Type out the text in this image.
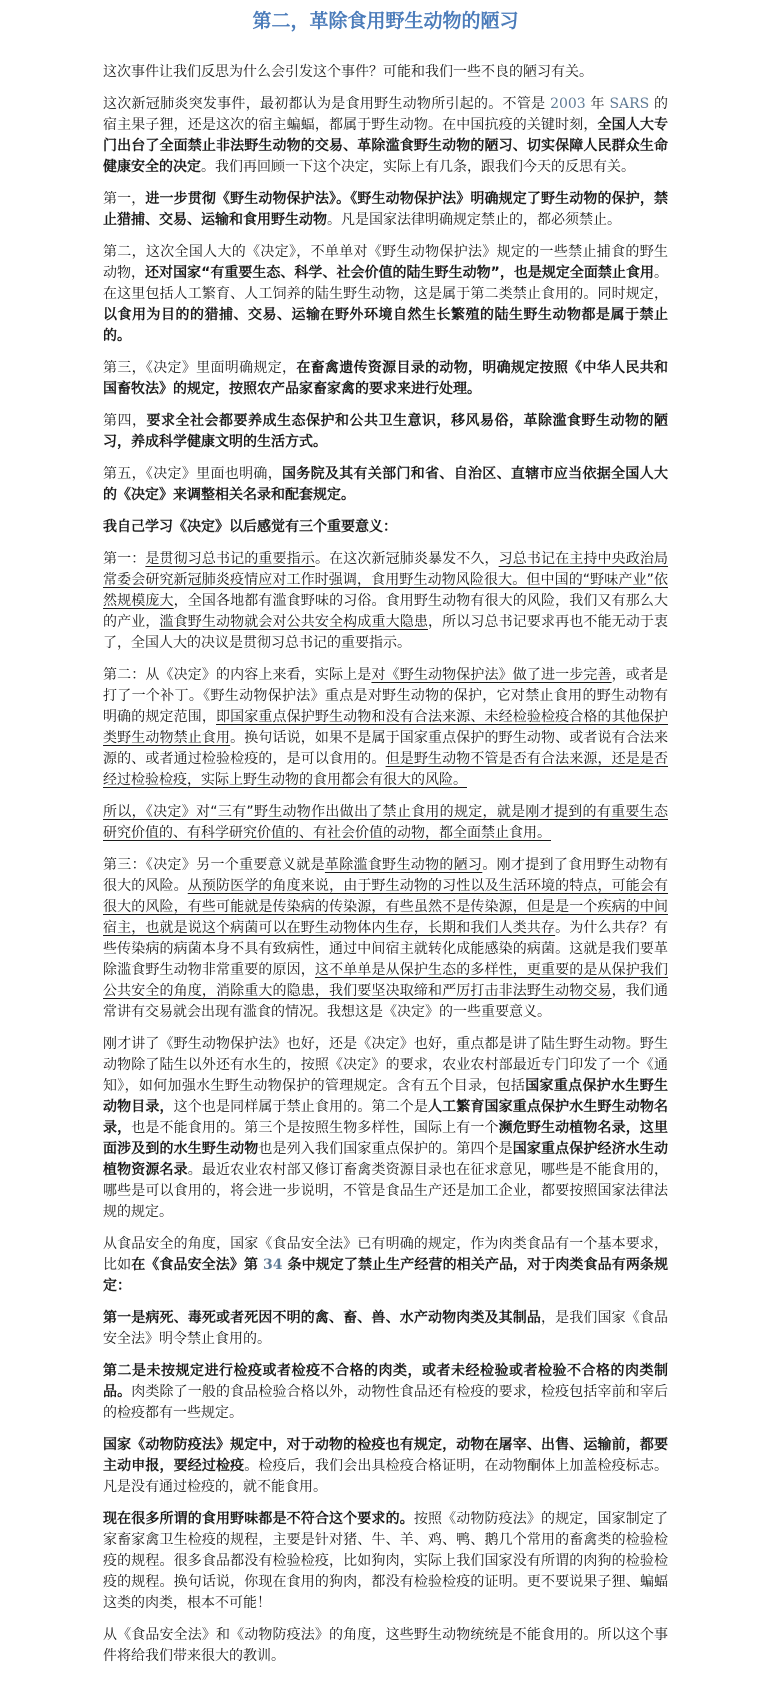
第二，革除食用野生动物的陋习

这次事件让我们反思为什么会引发这个事件？可能和我们一些不良的陋习有关。

这次新冠肺炎突发事件，最初都认为是食用野生动物所引起的。不管是 2003 年 SARS 的宿主果子狸，还是这次的宿主蝙蝠，都属于野生动物。在中国抗疫的关键时刻，全国人大专门出台了全面禁止非法野生动物的交易、革除滥食野生动物的陋习、切实保障人民群众生命健康安全的决定。我们再回顾一下这个决定，实际上有几条，跟我们今天的反思有关。

第一，进一步贯彻《野生动物保护法》。《野生动物保护法》明确规定了野生动物的保护，禁止猎捕、交易、运输和食用野生动物。凡是国家法律明确规定禁止的，都必须禁止。

第二，这次全国人大的《决定》，不单单对《野生动物保护法》规定的一些禁止捕食的野生动物，还对国家“有重要生态、科学、社会价值的陆生野生动物”，也是规定全面禁止食用。在这里包括人工繁育、人工饲养的陆生野生动物，这是属于第二类禁止食用的。同时规定，以食用为目的的猎捕、交易、运输在野外环境自然生长繁殖的陆生野生动物都是属于禁止的。

第三，《决定》里面明确规定，在畜禽遗传资源目录的动物，明确规定按照《中华人民共和国畜牧法》的规定，按照农产品家畜家禽的要求来进行处理。

第四，要求全社会都要养成生态保护和公共卫生意识，移风易俗，革除滥食野生动物的陋习，养成科学健康文明的生活方式。

第五，《决定》里面也明确，国务院及其有关部门和省、自治区、直辖市应当依据全国人大的《决定》来调整相关名录和配套规定。

我自己学习《决定》以后感觉有三个重要意义：

第一：是贯彻习总书记的重要指示。在这次新冠肺炎暴发不久，习总书记在主持中央政治局常委会研究新冠肺炎疫情应对工作时强调，食用野生动物风险很大。但中国的“野味产业”依然规模庞大，全国各地都有滥食野味的习俗。食用野生动物有很大的风险，我们又有那么大的产业，滥食野生动物就会对公共安全构成重大隐患，所以习总书记要求再也不能无动于衷了，全国人大的决议是贯彻习总书记的重要指示。

第二：从《决定》的内容上来看，实际上是对《野生动物保护法》做了进一步完善，或者是打了一个补丁。《野生动物保护法》重点是对野生动物的保护，它对禁止食用的野生动物有明确的规定范围，即国家重点保护野生动物和没有合法来源、未经检验检疫合格的其他保护类野生动物禁止食用。换句话说，如果不是属于国家重点保护的野生动物、或者说有合法来源的、或者通过检验检疫的，是可以食用的。但是野生动物不管是否有合法来源，还是是否经过检验检疫，实际上野生动物的食用都会有很大的风险。

所以，《决定》对“三有”野生动物作出做出了禁止食用的规定，就是刚才提到的有重要生态研究价值的、有科学研究价值的、有社会价值的动物，都全面禁止食用。

第三：《决定》另一个重要意义就是革除滥食野生动物的陋习。刚才提到了食用野生动物有很大的风险。从预防医学的角度来说，由于野生动物的习性以及生活环境的特点，可能会有很大的风险，有些可能就是传染病的传染源，有些虽然不是传染源，但是是一个疾病的中间宿主，也就是说这个病菌可以在野生动物体内生存，长期和我们人类共存。为什么共存？有些传染病的病菌本身不具有致病性，通过中间宿主就转化成能感染的病菌。这就是我们要革除滥食野生动物非常重要的原因，这不单单是从保护生态的多样性，更重要的是从保护我们公共安全的角度，消除重大的隐患，我们要坚决取缔和严厉打击非法野生动物交易，我们通常讲有交易就会出现有滥食的情况。我想这是《决定》的一些重要意义。

刚才讲了《野生动物保护法》也好，还是《决定》也好，重点都是讲了陆生野生动物。野生动物除了陆生以外还有水生的，按照《决定》的要求，农业农村部最近专门印发了一个《通知》，如何加强水生野生动物保护的管理规定。含有五个目录，包括国家重点保护水生野生动物目录，这个也是同样属于禁止食用的。第二个是人工繁育国家重点保护水生野生动物名录，也是不能食用的。第三个是按照生物多样性，国际上有一个濒危野生动植物名录，这里面涉及到的水生野生动物也是列入我们国家重点保护的。第四个是国家重点保护经济水生动植物资源名录。最近农业农村部又修订畜禽类资源目录也在征求意见，哪些是不能食用的，哪些是可以食用的，将会进一步说明，不管是食品生产还是加工企业，都要按照国家法律法规的规定。

从食品安全的角度，国家《食品安全法》已有明确的规定，作为肉类食品有一个基本要求，比如在《食品安全法》第 34 条中规定了禁止生产经营的相关产品，对于肉类食品有两条规定：

第一是病死、毒死或者死因不明的禽、畜、兽、水产动物肉类及其制品，是我们国家《食品安全法》明令禁止食用的。

第二是未按规定进行检疫或者检疫不合格的肉类，或者未经检验或者检验不合格的肉类制品。肉类除了一般的食品检验合格以外，动物性食品还有检疫的要求，检疫包括宰前和宰后的检疫都有一些规定。

国家《动物防疫法》规定中，对于动物的检疫也有规定，动物在屠宰、出售、运输前，都要主动申报，要经过检疫。检疫后，我们会出具检疫合格证明，在动物酮体上加盖检疫标志。凡是没有通过检疫的，就不能食用。

现在很多所谓的食用野味都是不符合这个要求的。按照《动物防疫法》的规定，国家制定了家畜家禽卫生检疫的规程，主要是针对猪、牛、羊、鸡、鸭、鹅几个常用的畜禽类的检验检疫的规程。很多食品都没有检验检疫，比如狗肉，实际上我们国家没有所谓的肉狗的检验检疫的规程。换句话说，你现在食用的狗肉，都没有检验检疫的证明。更不要说果子狸、蝙蝠这类的肉类，根本不可能！

从《食品安全法》和《动物防疫法》的角度，这些野生动物统统是不能食用的。所以这个事件将给我们带来很大的教训。
